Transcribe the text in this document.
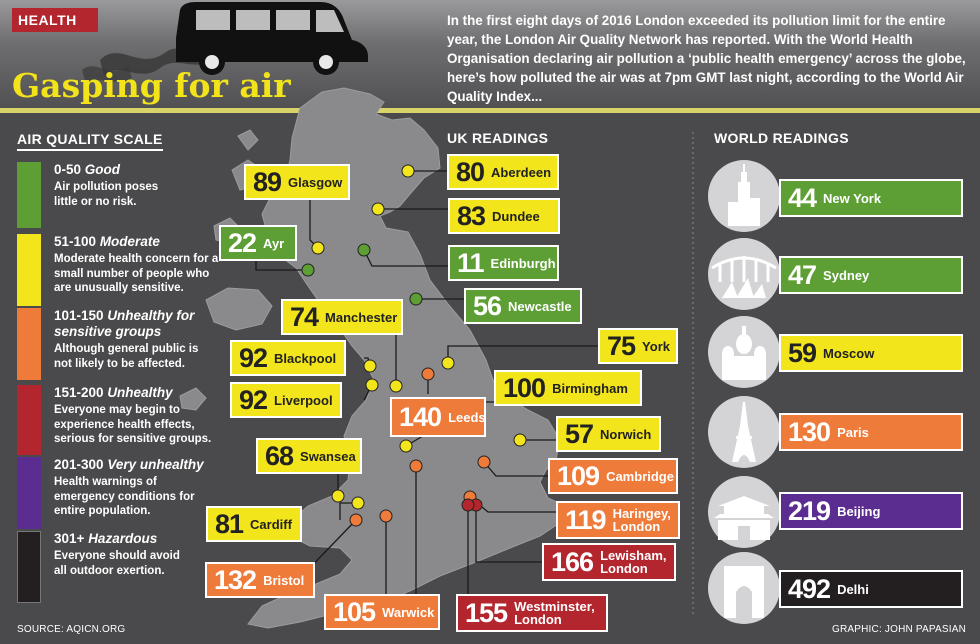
HEALTH
Gasping for air
In the first eight days of 2016 London exceeded its pollution limit for the entire year, the London Air Quality Network has reported. With the World Health Organisation declaring air pollution a ‘public health emergency’ across the globe, here’s how polluted the air was at 7pm GMT last night, according to the World Air Quality Index...
AIR QUALITY SCALE
0-50 Good
Air pollution poses little or no risk.
51-100 Moderate
Moderate health concern for a small number of people who are unusually sensitive.
101-150 Unhealthy for sensitive groups
Although general public is not likely to be affected.
151-200 Unhealthy
Everyone may begin to experience health effects, serious for sensitive groups.
201-300 Very unhealthy
Health warnings of emergency conditions for entire population.
301+ Hazardous
Everyone should avoid all outdoor exertion.
UK READINGS
80 Aberdeen
89 Glasgow
83 Dundee
22 Ayr
11 Edinburgh
56 Newcastle
74 Manchester
75 York
92 Blackpool
100 Birmingham
92 Liverpool
140 Leeds
57 Norwich
68 Swansea
109 Cambridge
81 Cardiff	119 Haringey, London
166 Lewisham, London
132 Bristol
105 Warwick 155 Westminster, London
WORLD READINGS
44 New York
47 Sydney
59 Moscow
130 Paris
219 Beijing
492 Delhi
SOURCE: AQICN.ORG	GRAPHIC: JOHN PAPASIAN
